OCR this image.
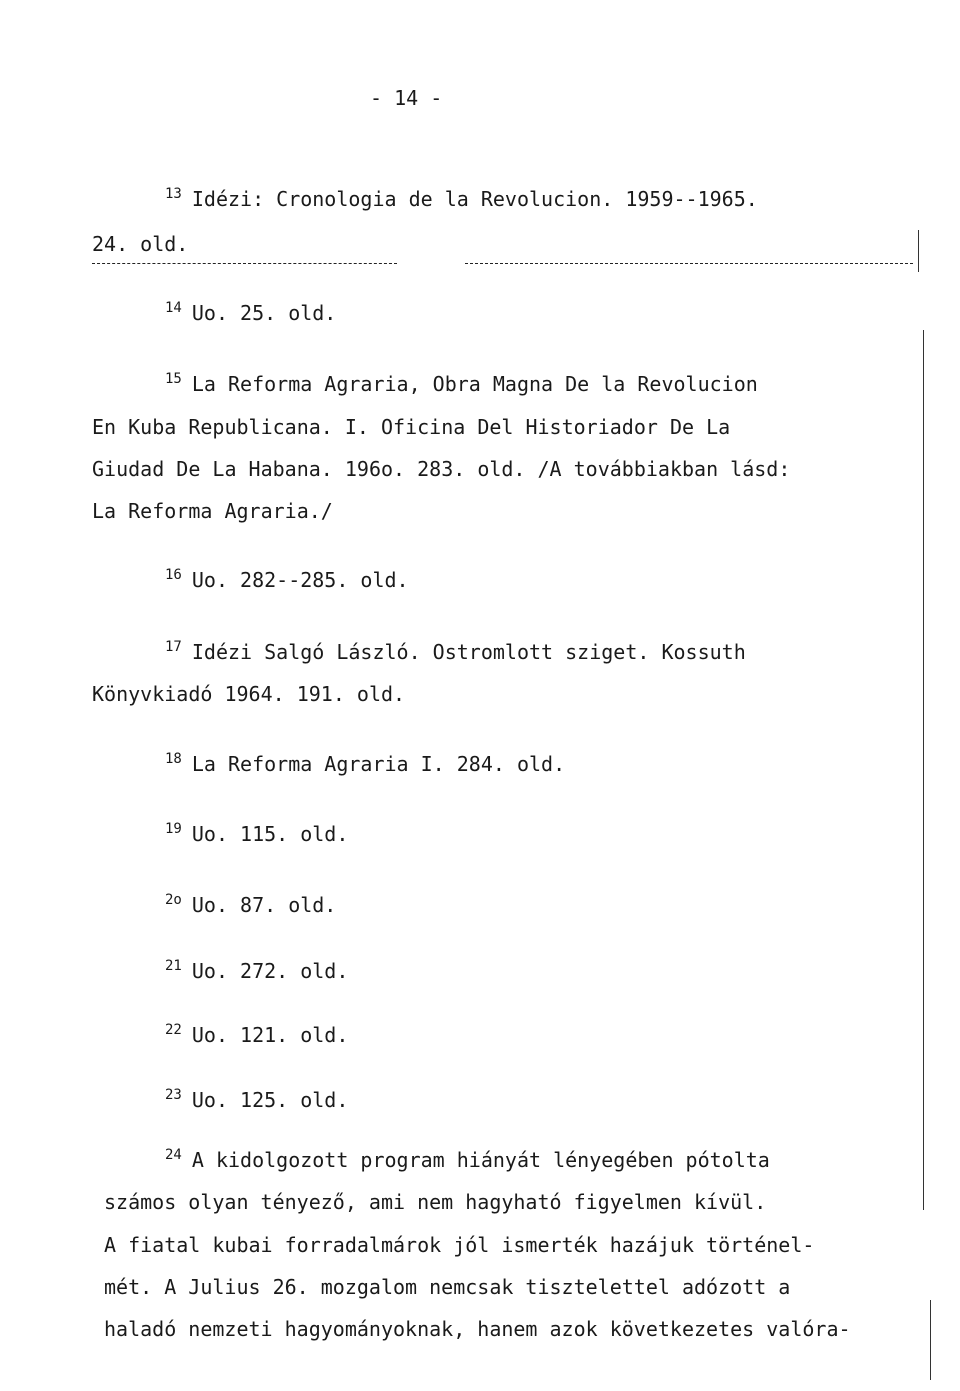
- 14 -
$^{13}$ Idézi: Cronologia de la Revolucion. 1959--1965.
24. old.
$^{14}$ Uo. 25. old.
$^{15}$ La Reforma Agraria, Obra Magna De la Revolucion
En Kuba Republicana. I. Oficina Del Historiador De La
Giudad De La Habana. 196o. 283. old. /A továbbiakban lásd:
La Reforma Agraria./
$^{16}$ Uo. 282--285. old.
$^{17}$ Idézi Salgó László. Ostromlott sziget. Kossuth
Könyvkiadó 1964. 191. old.
$^{18}$ La Reforma Agraria I. 284. old.
$^{19}$ Uo. 115. old.
$^{2o}$ Uo. 87. old.
$^{21}$ Uo. 272. old.
$^{22}$ Uo. 121. old.
$^{23}$ Uo. 125. old.
$^{24}$ A kidolgozott program hiányát lényegében pótolta
számos olyan tényező, ami nem hagyható figyelmen kívül.
A fiatal kubai forradalmárok jól ismerték hazájuk történel-
mét. A Julius 26. mozgalom nemcsak tisztelettel adózott a
haladó nemzeti hagyományoknak, hanem azok következetes valóra-
